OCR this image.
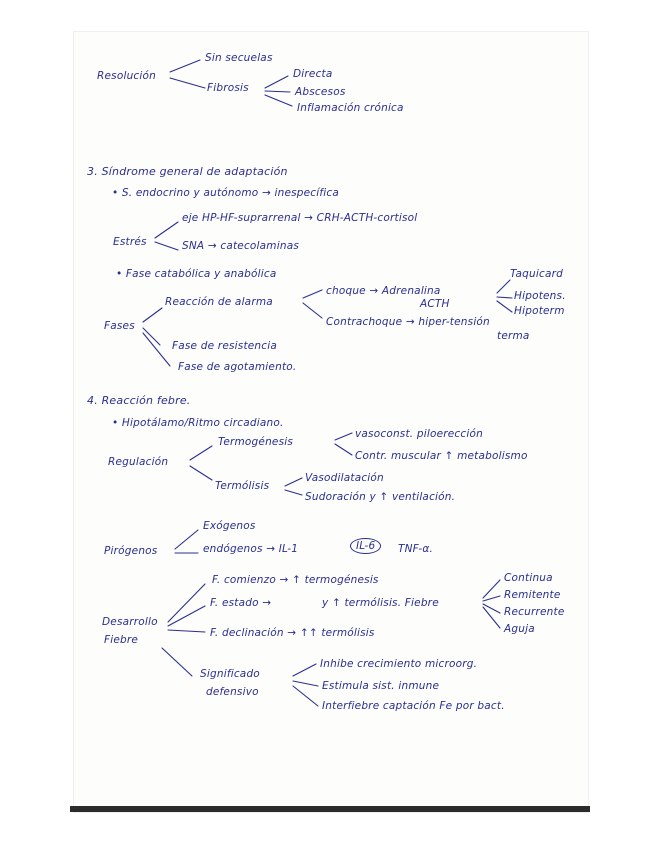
Resolución
Sin secuelas
Fibrosis
Directa
Abscesos
Inflamación crónica
3. Síndrome general de adaptación
• S. endocrino y autónomo → inespecífica
Estrés
eje HP-HF-suprarrenal → CRH-ACTH-cortisol
SNA → catecolaminas
• Fase catabólica y anabólica
Fases
Reacción de alarma
choque → Adrenalina
ACTH
Contrachoque → hiper-tensión
terma
Taquicard
Hipotens.
Hipoterm
Fase de resistencia
Fase de agotamiento.
4. Reacción febre.
• Hipotálamo/Ritmo circadiano.
Regulación
Termogénesis
vasoconst. piloerección
Contr. muscular ↑ metabolismo
Termólisis
Vasodilatación
Sudoración y ↑ ventilación.
Pirógenos
Exógenos
endógenos → IL-1	IL-6	TNF-α.
Desarrollo
Fiebre
F. comienzo → ↑ termogénesis
F. estado →	y ↑ termólisis. Fiebre
F. declinación → ↑↑ termólisis
Continua
Remitente
Recurrente
Aguja
Significado
defensivo
Inhibe crecimiento microorg.
Estimula sist. inmune
Interfiebre captación Fe por bact.
